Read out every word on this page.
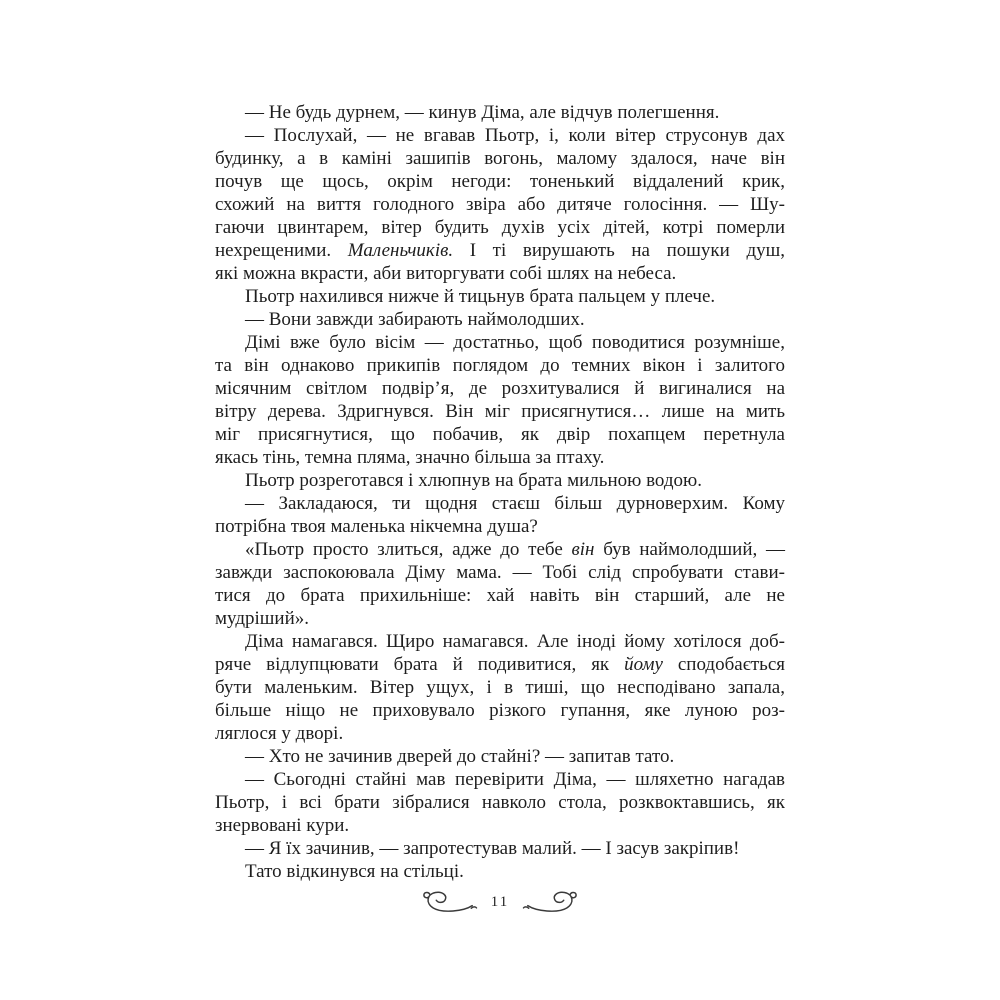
— Не будь дурнем, — кинув Діма, але відчув полегшення.
— Послухай, — не вгавав Пьотр, і, коли вітер струсонув дах
будинку, а в каміні зашипів вогонь, малому здалося, наче він
почув ще щось, окрім негоди: тоненький віддалений крик,
схожий на виття голодного звіра або дитяче голосіння. — Шу-
гаючи цвинтарем, вітер будить духів усіх дітей, котрі померли
нехрещеними. Маленьчиків. І ті вирушають на пошуки душ,
які можна вкрасти, аби виторгувати собі шлях на небеса.
Пьотр нахилився нижче й тицьнув брата пальцем у плече.
— Вони завжди забирають наймолодших.
Дімі вже було вісім — достатньо, щоб поводитися розумніше,
та він однаково прикипів поглядом до темних вікон і залитого
місячним світлом подвір’я, де розхитувалися й вигиналися на
вітру дерева. Здригнувся. Він міг присягнутися… лише на мить
міг присягнутися, що побачив, як двір похапцем перетнула
якась тінь, темна пляма, значно більша за птаху.
Пьотр розреготався і хлюпнув на брата мильною водою.
— Закладаюся, ти щодня стаєш більш дурноверхим. Кому
потрібна твоя маленька нікчемна душа?
«Пьотр просто злиться, адже до тебе він був наймолодший, —
завжди заспокоювала Діму мама. — Тобі слід спробувати стави-
тися до брата прихильніше: хай навіть він старший, але не
мудріший».
Діма намагався. Щиро намагався. Але іноді йому хотілося доб-
ряче відлупцювати брата й подивитися, як йому сподобається
бути маленьким. Вітер ущух, і в тиші, що несподівано запала,
більше ніщо не приховувало різкого гупання, яке луною роз-
ляглося у дворі.
— Хто не зачинив дверей до стайні? — запитав тато.
— Сьогодні стайні мав перевірити Діма, — шляхетно нагадав
Пьотр, і всі брати зібралися навколо стола, розквоктавшись, як
знервовані кури.
— Я їх зачинив, — запротестував малий. — І засув закріпив!
Тато відкинувся на стільці.
11
